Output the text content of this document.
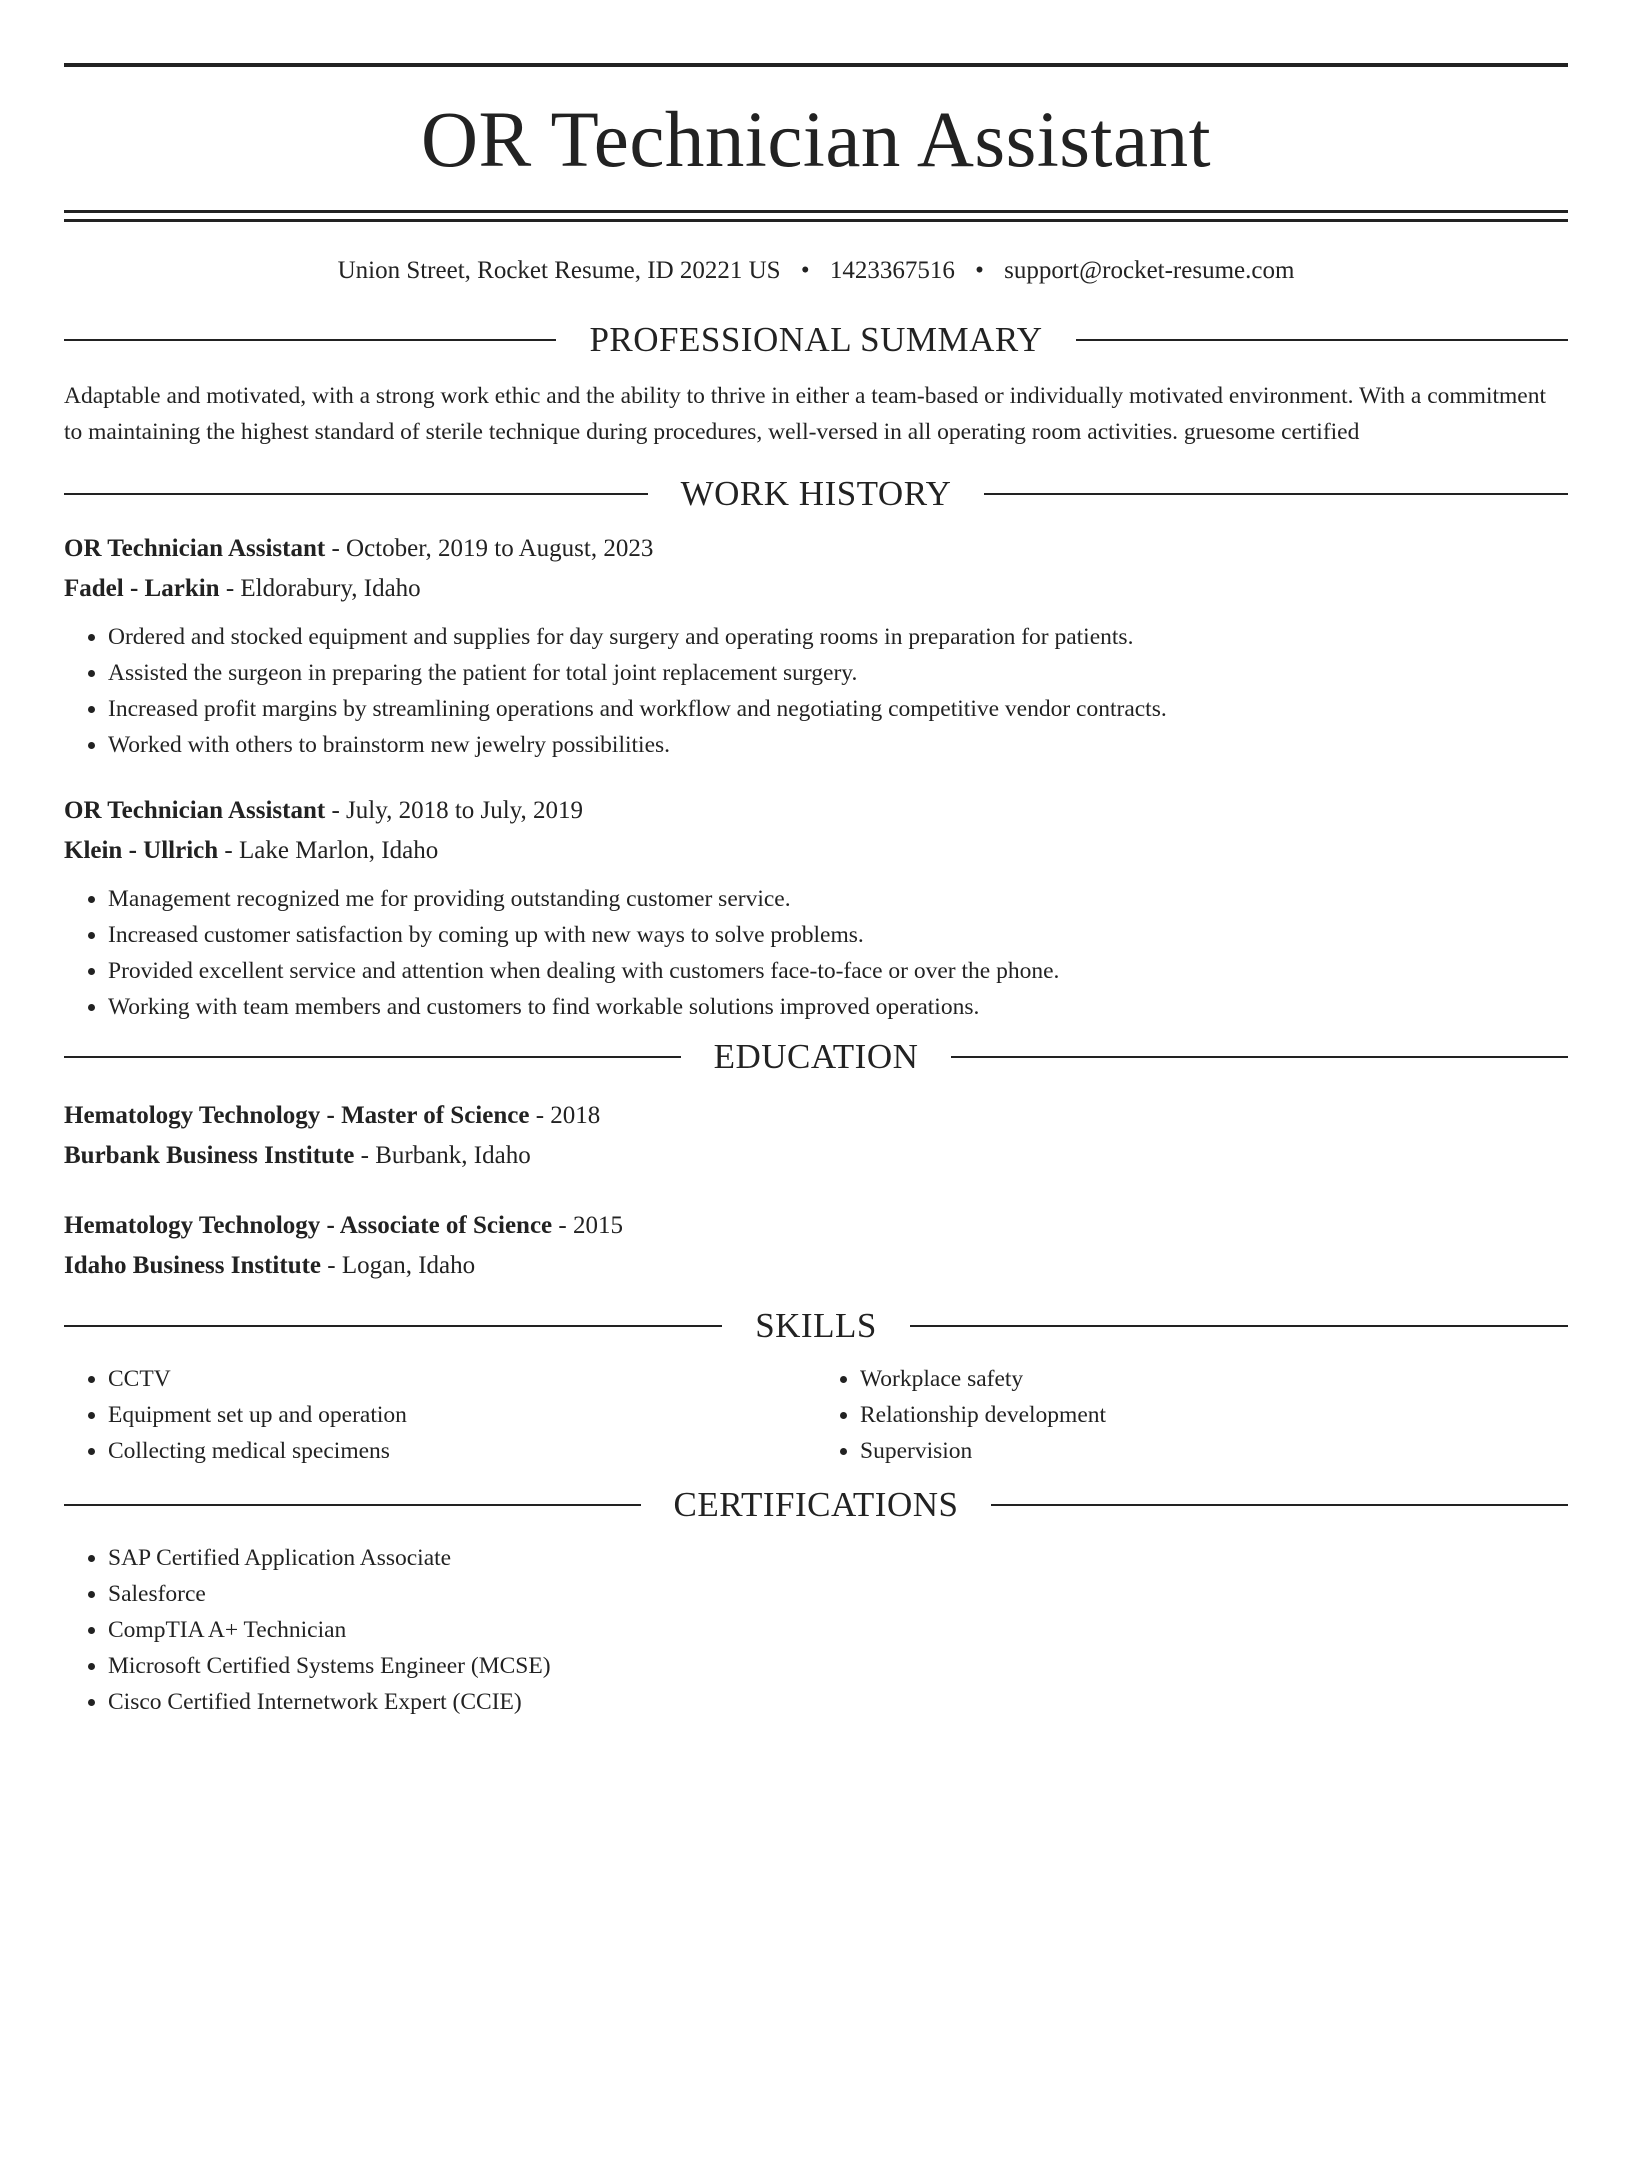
OR Technician Assistant
Union Street, Rocket Resume, ID 20221 US • 1423367516 • support@rocket-resume.com
PROFESSIONAL SUMMARY
Adaptable and motivated, with a strong work ethic and the ability to thrive in either a team-based or individually motivated environment. With a commitment to maintaining the highest standard of sterile technique during procedures, well-versed in all operating room activities. gruesome certified
WORK HISTORY
OR Technician Assistant - October, 2019 to August, 2023
Fadel - Larkin - Eldorabury, Idaho
• Ordered and stocked equipment and supplies for day surgery and operating rooms in preparation for patients.
• Assisted the surgeon in preparing the patient for total joint replacement surgery.
• Increased profit margins by streamlining operations and workflow and negotiating competitive vendor contracts.
• Worked with others to brainstorm new jewelry possibilities.
OR Technician Assistant - July, 2018 to July, 2019
Klein - Ullrich - Lake Marlon, Idaho
• Management recognized me for providing outstanding customer service.
• Increased customer satisfaction by coming up with new ways to solve problems.
• Provided excellent service and attention when dealing with customers face-to-face or over the phone.
• Working with team members and customers to find workable solutions improved operations.
EDUCATION
Hematology Technology - Master of Science - 2018
Burbank Business Institute - Burbank, Idaho
Hematology Technology - Associate of Science - 2015
Idaho Business Institute - Logan, Idaho
SKILLS
• CCTV
• Equipment set up and operation
• Collecting medical specimens
• Workplace safety
• Relationship development
• Supervision
CERTIFICATIONS
• SAP Certified Application Associate
• Salesforce
• CompTIA A+ Technician
• Microsoft Certified Systems Engineer (MCSE)
• Cisco Certified Internetwork Expert (CCIE)
